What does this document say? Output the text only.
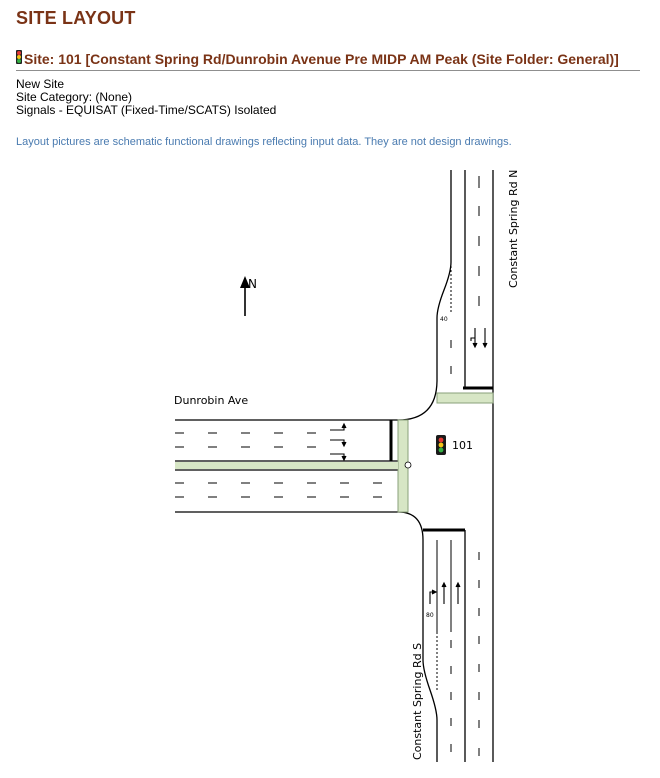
SITE LAYOUT
Site: 101 [Constant Spring Rd/Dunrobin Avenue Pre MIDP AM Peak (Site Folder: General)]
New Site
Site Category: (None)
Signals - EQUISAT (Fixed-Time/SCATS) Isolated
Layout pictures are schematic functional drawings reflecting input data. They are not design drawings.
40
80
N
101
Dunrobin Ave
Constant Spring Rd N
Constant Spring Rd S
